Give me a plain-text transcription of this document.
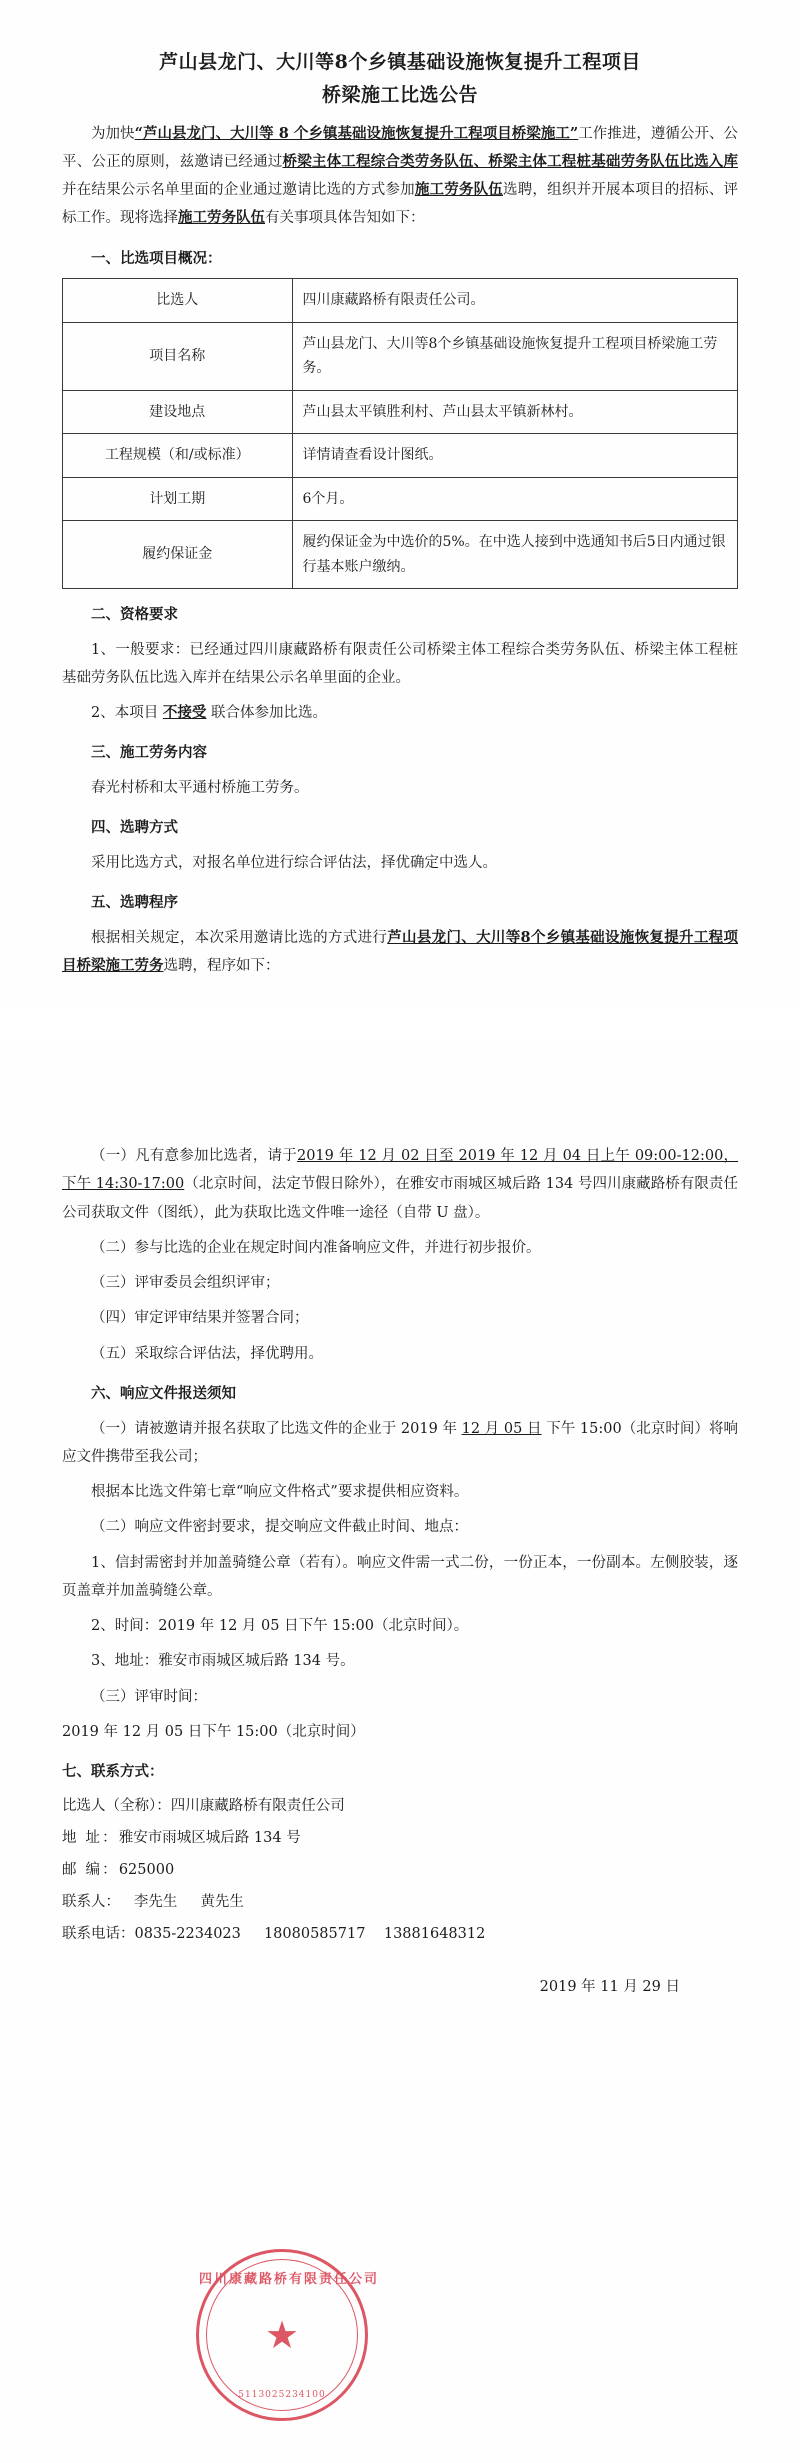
芦山县龙门、大川等8个乡镇基础设施恢复提升工程项目
桥梁施工比选公告

为加快“芦山县龙门、大川等 8 个乡镇基础设施恢复提升工程项目桥梁施工”工作推进，遵循公开、公平、公正的原则，兹邀请已经通过桥梁主体工程综合类劳务队伍、桥梁主体工程桩基础劳务队伍比选入库并在结果公示名单里面的企业通过邀请比选的方式参加施工劳务队伍选聘，组织并开展本项目的招标、评标工作。现将选择施工劳务队伍有关事项具体告知如下：

一、比选项目概况：
比选人	四川康藏路桥有限责任公司。
项目名称	芦山县龙门、大川等8个乡镇基础设施恢复提升工程项目桥梁施工劳务。
建设地点	芦山县太平镇胜利村、芦山县太平镇新林村。
工程规模（和/或标准）	详情请查看设计图纸。
计划工期	6个月。
履约保证金	履约保证金为中选价的5%。在中选人接到中选通知书后5日内通过银行基本账户缴纳。
二、资格要求

1、一般要求：已经通过四川康藏路桥有限责任公司桥梁主体工程综合类劳务队伍、桥梁主体工程桩基础劳务队伍比选入库并在结果公示名单里面的企业。

2、本项目 不接受 联合体参加比选。

三、施工劳务内容

春光村桥和太平通村桥施工劳务。

四、选聘方式

采用比选方式，对报名单位进行综合评估法，择优确定中选人。

五、选聘程序

根据相关规定，本次采用邀请比选的方式进行芦山县龙门、大川等8个乡镇基础设施恢复提升工程项目桥梁施工劳务选聘，程序如下：

（一）凡有意参加比选者，请于2019 年 12 月 02 日至 2019 年 12 月 04 日上午 09:00-12:00，下午 14:30-17:00（北京时间，法定节假日除外），在雅安市雨城区城后路 134 号四川康藏路桥有限责任公司获取文件（图纸），此为获取比选文件唯一途径（自带 U 盘）。

（二）参与比选的企业在规定时间内准备响应文件，并进行初步报价。

（三）评审委员会组织评审；

（四）审定评审结果并签署合同；

（五）采取综合评估法，择优聘用。

六、响应文件报送须知

（一）请被邀请并报名获取了比选文件的企业于 2019 年 12 月 05 日 下午 15:00（北京时间）将响应文件携带至我公司；

根据本比选文件第七章“响应文件格式”要求提供相应资料。

（二）响应文件密封要求，提交响应文件截止时间、地点：

1、信封需密封并加盖骑缝公章（若有）。响应文件需一式二份，一份正本，一份副本。左侧胶装，逐页盖章并加盖骑缝公章。

2、时间：2019 年 12 月 05 日下午 15:00（北京时间）。

3、地址：雅安市雨城区城后路 134 号。

（三）评审时间：

2019 年 12 月 05 日下午 15:00（北京时间）

七、联系方式：

比选人（全称）：四川康藏路桥有限责任公司

地 址：雅安市雨城区城后路 134 号

邮 编：625000

联系人： 李先生 黄先生

联系电话：0835-2234023 18080585717 13881648312

2019 年 11 月 29 日
四川康藏路桥有限责任公司
★
5113025234100
